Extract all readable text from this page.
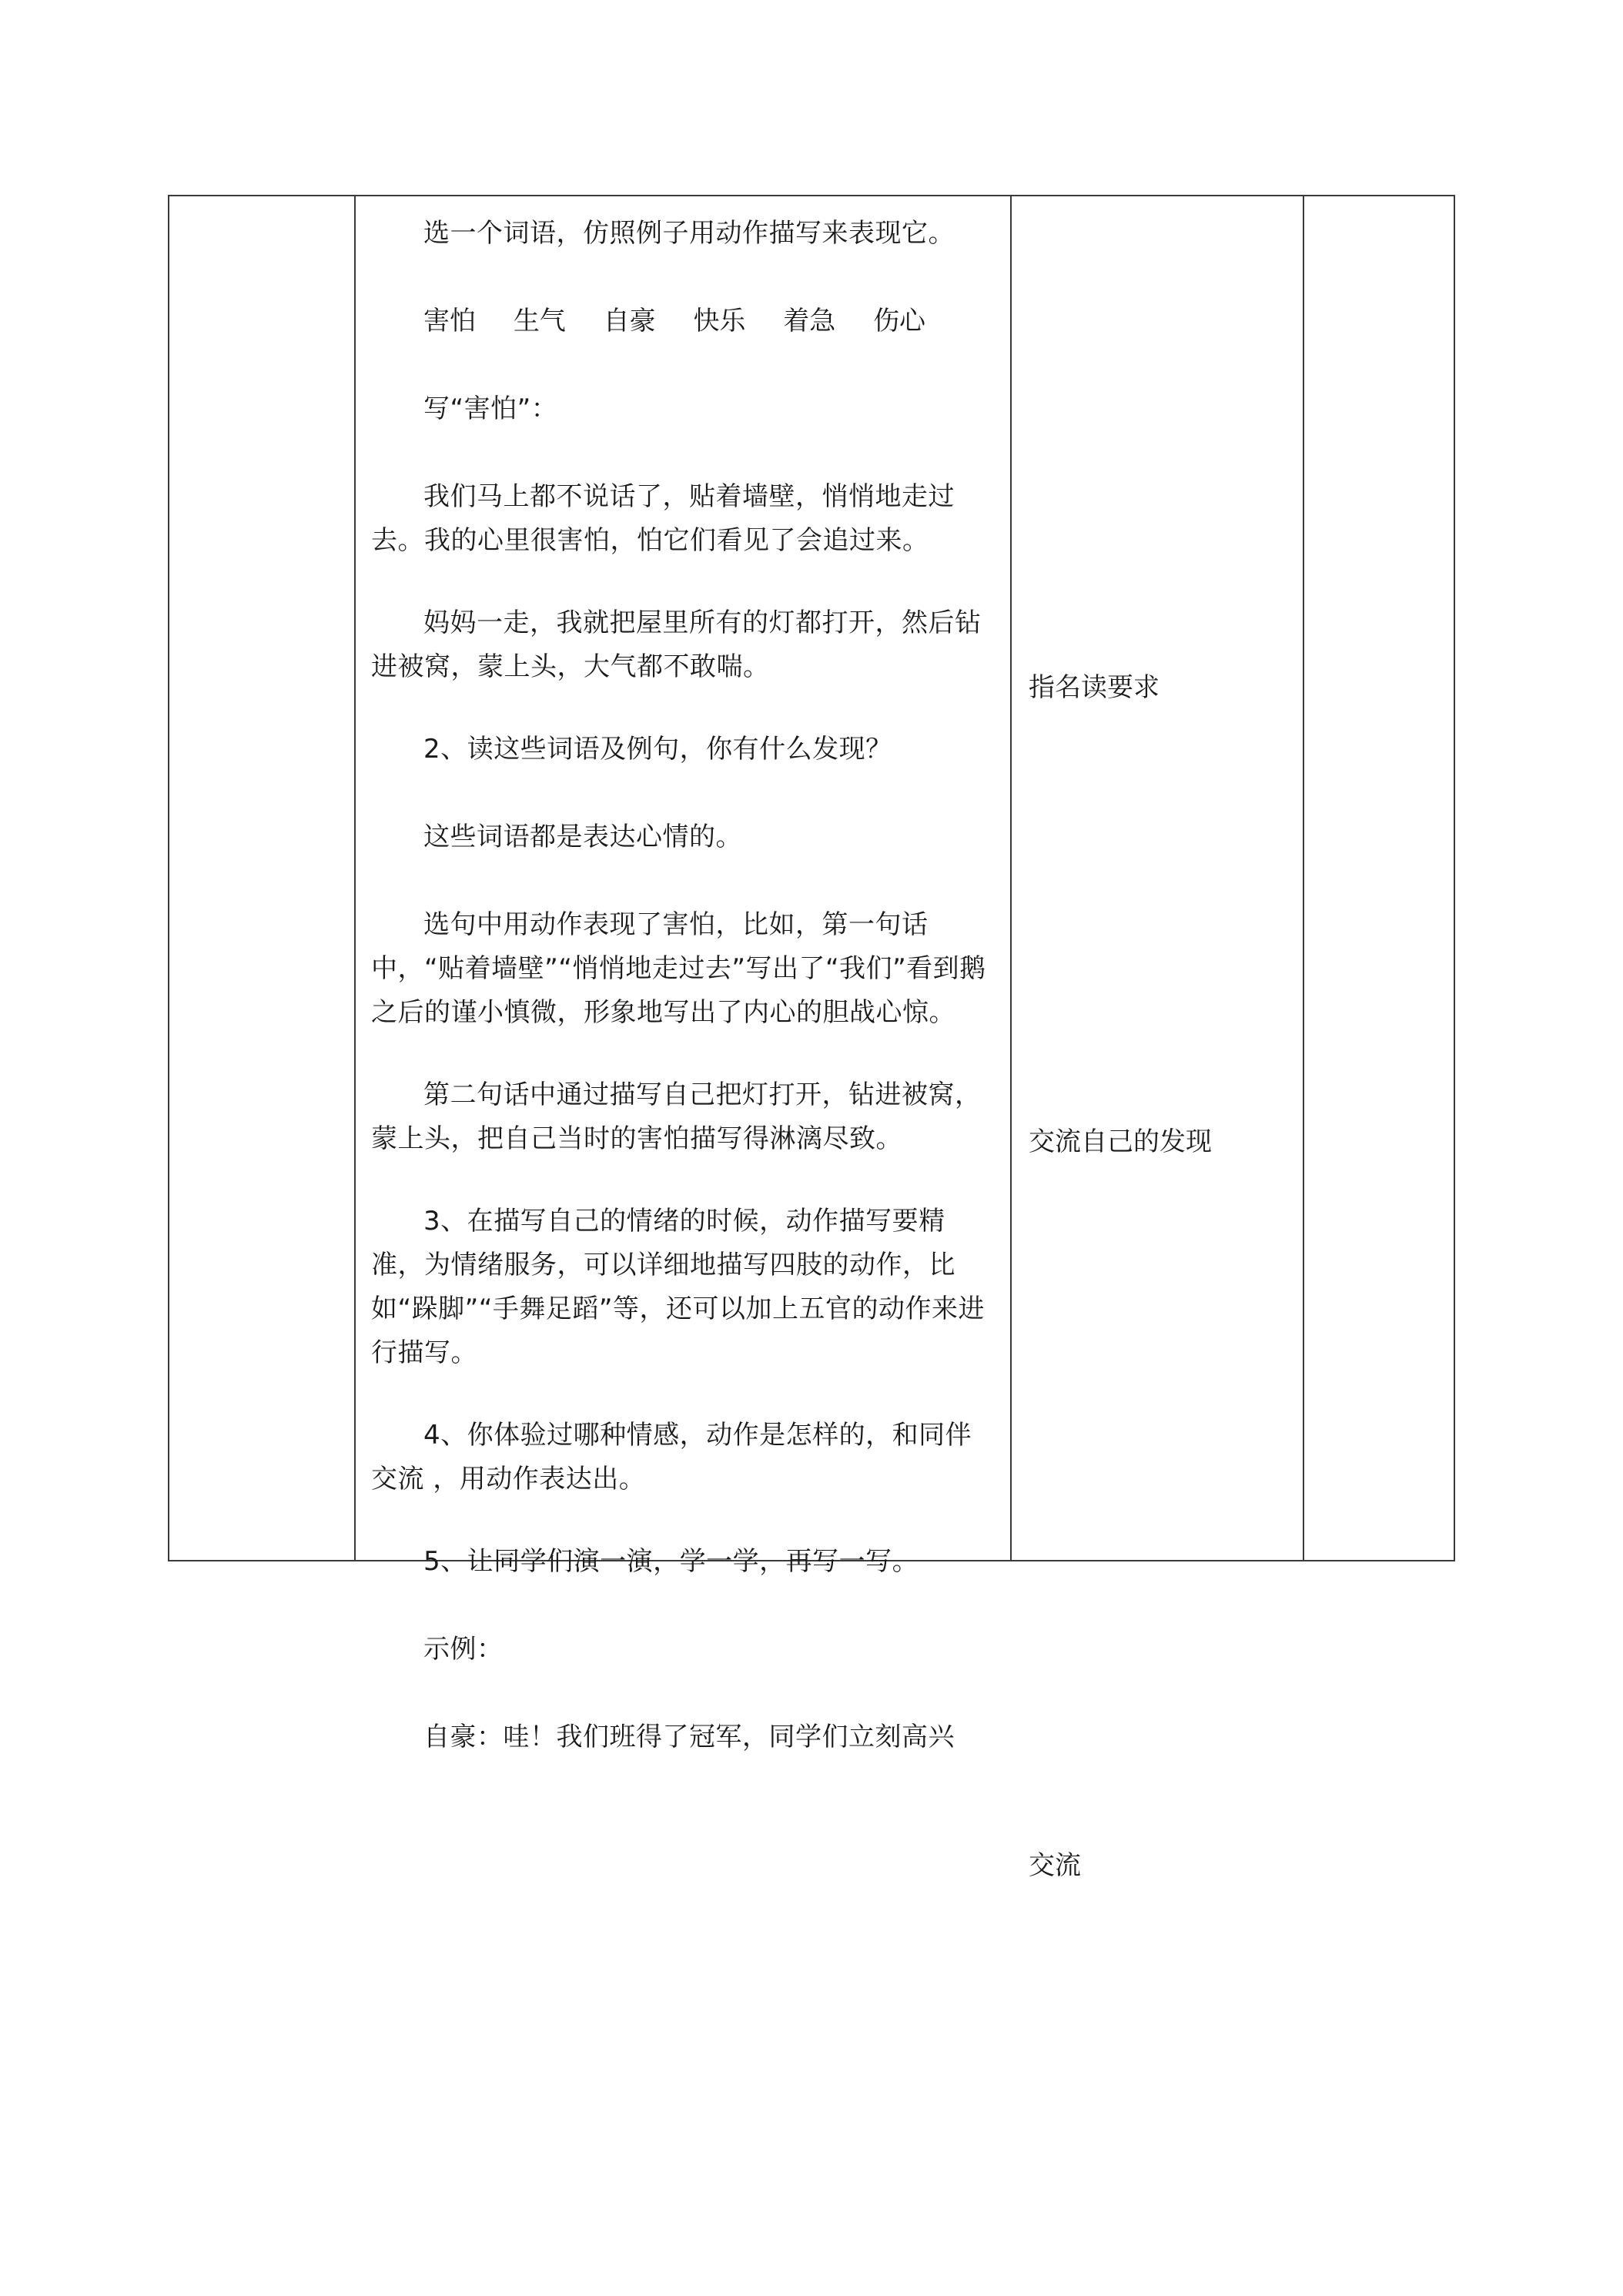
选一个词语，仿照例子用动作描写来表现它。

害怕 生气 自豪 快乐 着急 伤心

写“害怕”：

我们马上都不说话了，贴着墙壁，悄悄地走过去。我的心里很害怕，怕它们看见了会追过来。

妈妈一走，我就把屋里所有的灯都打开，然后钻进被窝，蒙上头，大气都不敢喘。

2、读这些词语及例句，你有什么发现？

这些词语都是表达心情的。

选句中用动作表现了害怕，比如，第一句话中，“贴着墙壁”“悄悄地走过去”写出了“我们”看到鹅之后的谨小慎微，形象地写出了内心的胆战心惊。

第二句话中通过描写自己把灯打开，钻进被窝，蒙上头，把自己当时的害怕描写得淋漓尽致。

3、在描写自己的情绪的时候，动作描写要精准，为情绪服务，可以详细地描写四肢的动作，比如“跺脚”“手舞足蹈”等，还可以加上五官的动作来进行描写。

4、你体验过哪种情感，动作是怎样的，和同伴交流 ，用动作表达出。

5、让同学们演一演，学一学，再写一写。

示例：

自豪：哇！我们班得了冠军，同学们立刻高兴

指名读要求

交流自己的发现

交流
